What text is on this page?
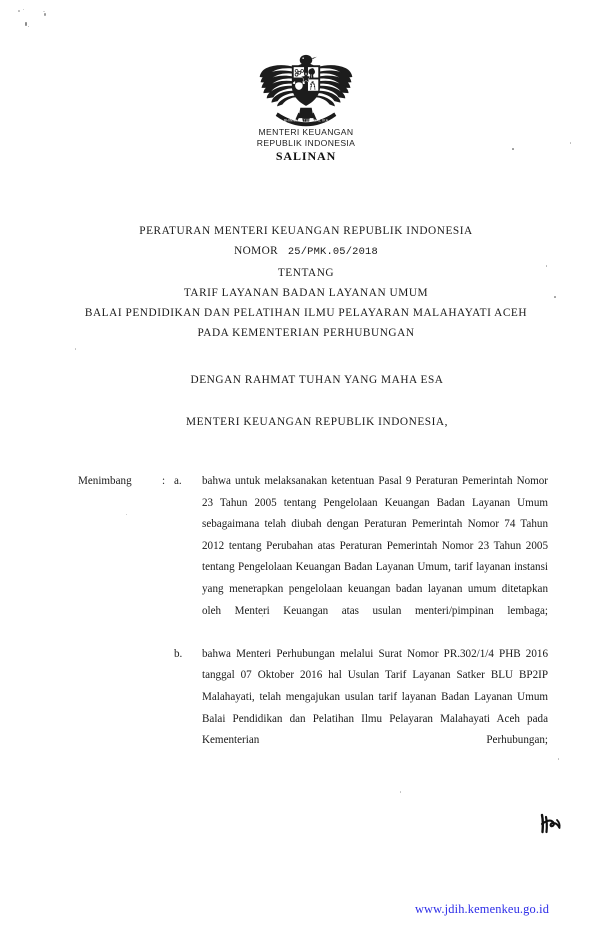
BHINNEKA TUNGGAL IKA
MENTERI KEUANGAN
REPUBLIK INDONESIA
SALINAN
PERATURAN MENTERI KEUANGAN REPUBLIK INDONESIA
NOMOR 25/PMK.05/2018
TENTANG
TARIF LAYANAN BADAN LAYANAN UMUM
BALAI PENDIDIKAN DAN PELATIHAN ILMU PELAYARAN MALAHAYATI ACEH
PADA KEMENTERIAN PERHUBUNGAN
DENGAN RAHMAT TUHAN YANG MAHA ESA
MENTERI KEUANGAN REPUBLIK INDONESIA,
Menimbang	: a.	bahwa untuk melaksanakan ketentuan Pasal 9 Peraturan Pemerintah Nomor 23 Tahun 2005 tentang Pengelolaan Keuangan Badan Layanan Umum sebagaimana telah diubah dengan Peraturan Pemerintah Nomor 74 Tahun 2012 tentang Perubahan atas Peraturan Pemerintah Nomor 23 Tahun 2005 tentang Pengelolaan Keuangan Badan Layanan Umum, tarif layanan instansi yang menerapkan pengelolaan keuangan badan layanan umum ditetapkan oleh Menteri Keuangan atas usulan menteri/pimpinan lembaga;
b.	bahwa Menteri Perhubungan melalui Surat Nomor PR.302/1/4 PHB 2016 tanggal 07 Oktober 2016 hal Usulan Tarif Layanan Satker BLU BP2IP Malahayati, telah mengajukan usulan tarif layanan Badan Layanan Umum Balai Pendidikan dan Pelatihan Ilmu Pelayaran Malahayati Aceh pada Kementerian Perhubungan;
www.jdih.kemenkeu.go.id
